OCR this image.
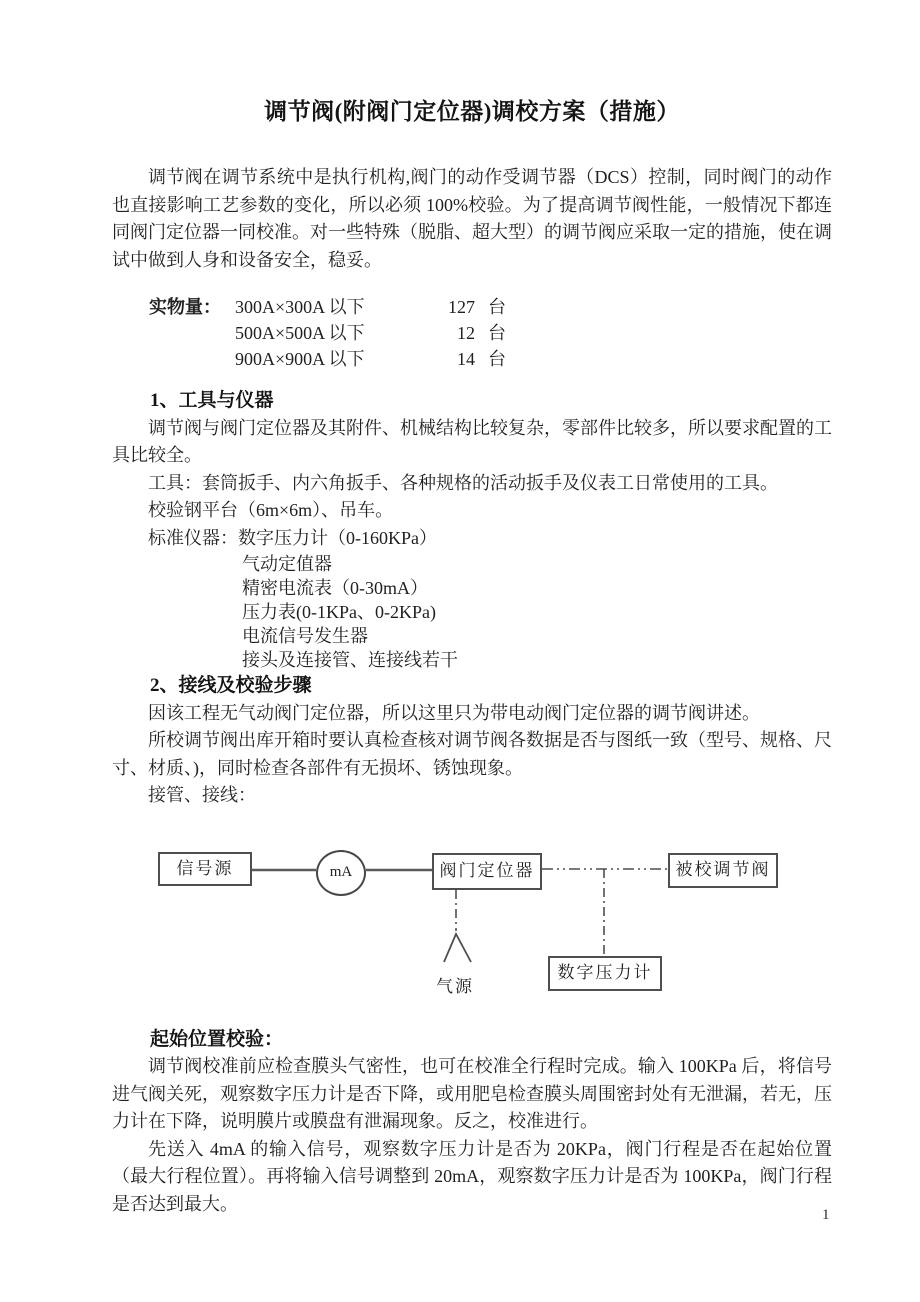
调节阀(附阀门定位器)调校方案（措施）

调节阀在调节系统中是执行机构,阀门的动作受调节器（DCS）控制，同时阀门的动作也直接影响工艺参数的变化，所以必须 100%校验。为了提高调节阀性能，一般情况下都连同阀门定位器一同校准。对一些特殊（脱脂、超大型）的调节阀应采取一定的措施，使在调试中做到人身和设备安全，稳妥。

实物量： 300A×300A 以下	127 台
500A×500A 以下	12 台
900A×900A 以下	14 台
1、工具与仪器

调节阀与阀门定位器及其附件、机械结构比较复杂，零部件比较多，所以要求配置的工具比较全。

工具：套筒扳手、内六角扳手、各种规格的活动扳手及仪表工日常使用的工具。

校验钢平台（6m×6m）、吊车。

标准仪器：数字压力计（0-160KPa）

气动定值器
精密电流表（0-30mA）
压力表(0-1KPa、0-2KPa)
电流信号发生器
接头及连接管、连接线若干
2、接线及校验步骤

因该工程无气动阀门定位器，所以这里只为带电动阀门定位器的调节阀讲述。

所校调节阀出库开箱时要认真检查核对调节阀各数据是否与图纸一致（型号、规格、尺寸、材质、)，同时检查各部件有无损坏、锈蚀现象。

接管、接线：

信号源	mA	阀门定位器	被校调节阀
数字压力计
气源
起始位置校验：

调节阀校准前应检查膜头气密性，也可在校准全行程时完成。输入 100KPa 后，将信号进气阀关死，观察数字压力计是否下降，或用肥皂检查膜头周围密封处有无泄漏，若无，压力计在下降，说明膜片或膜盘有泄漏现象。反之，校准进行。

先送入 4mA 的输入信号，观察数字压力计是否为 20KPa，阀门行程是否在起始位置（最大行程位置）。再将输入信号调整到 20mA，观察数字压力计是否为 100KPa，阀门行程是否达到最大。

1
